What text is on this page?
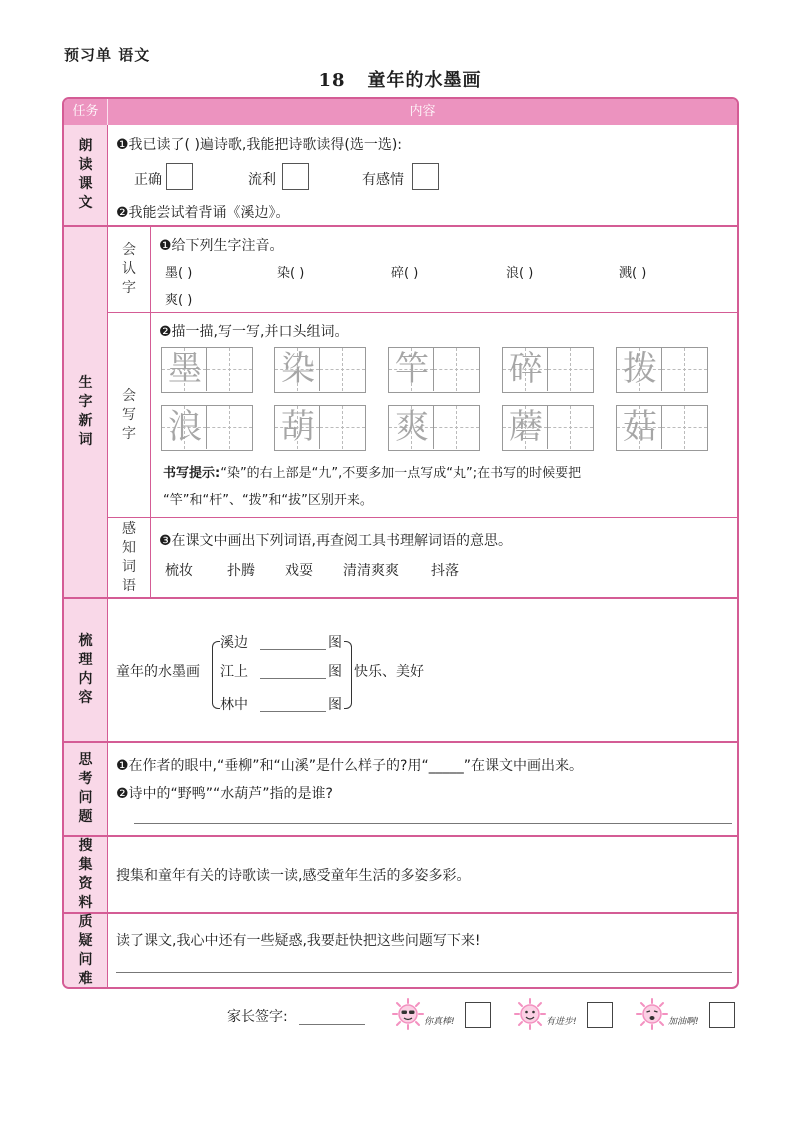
预习单 语文
18 童年的水墨画
任务	内容
朗读课文
❶我已读了( )遍诗歌,我能把诗歌读得(选一选):
正确	流利	有感情
❷我能尝试着背诵《溪边》。
生字新词
会认字
❶给下列生字注音。
墨( )	染( )	碎( )	浪( )	溅( )
爽( )
会写字
❷描一描,写一写,并口头组词。
墨 染 竿 碎 拨
浪 葫 爽 蘑 菇
书写提示:“染”的右上部是“九”,不要多加一点写成“丸”;在书写的时候要把
“竿”和“杆”、“拨”和“拔”区别开来。
感知词语
❸在课文中画出下列词语,再查阅工具书理解词语的意思。
梳妆 扑腾 戏耍 清清爽爽 抖落
梳理内容
童年的水墨画
溪边	图
江上	图
林中	图
快乐、美好
思考问题
❶在作者的眼中,“垂柳”和“山溪”是什么样子的?用“_____”在课文中画出来。
❷诗中的“野鸭”“水葫芦”指的是谁?
搜集资料
搜集和童年有关的诗歌读一读,感受童年生活的多姿多彩。
质疑问难
读了课文,我心中还有一些疑惑,我要赶快把这些问题写下来!
家长签字:	你真棒!	有进步!	加油啊!
